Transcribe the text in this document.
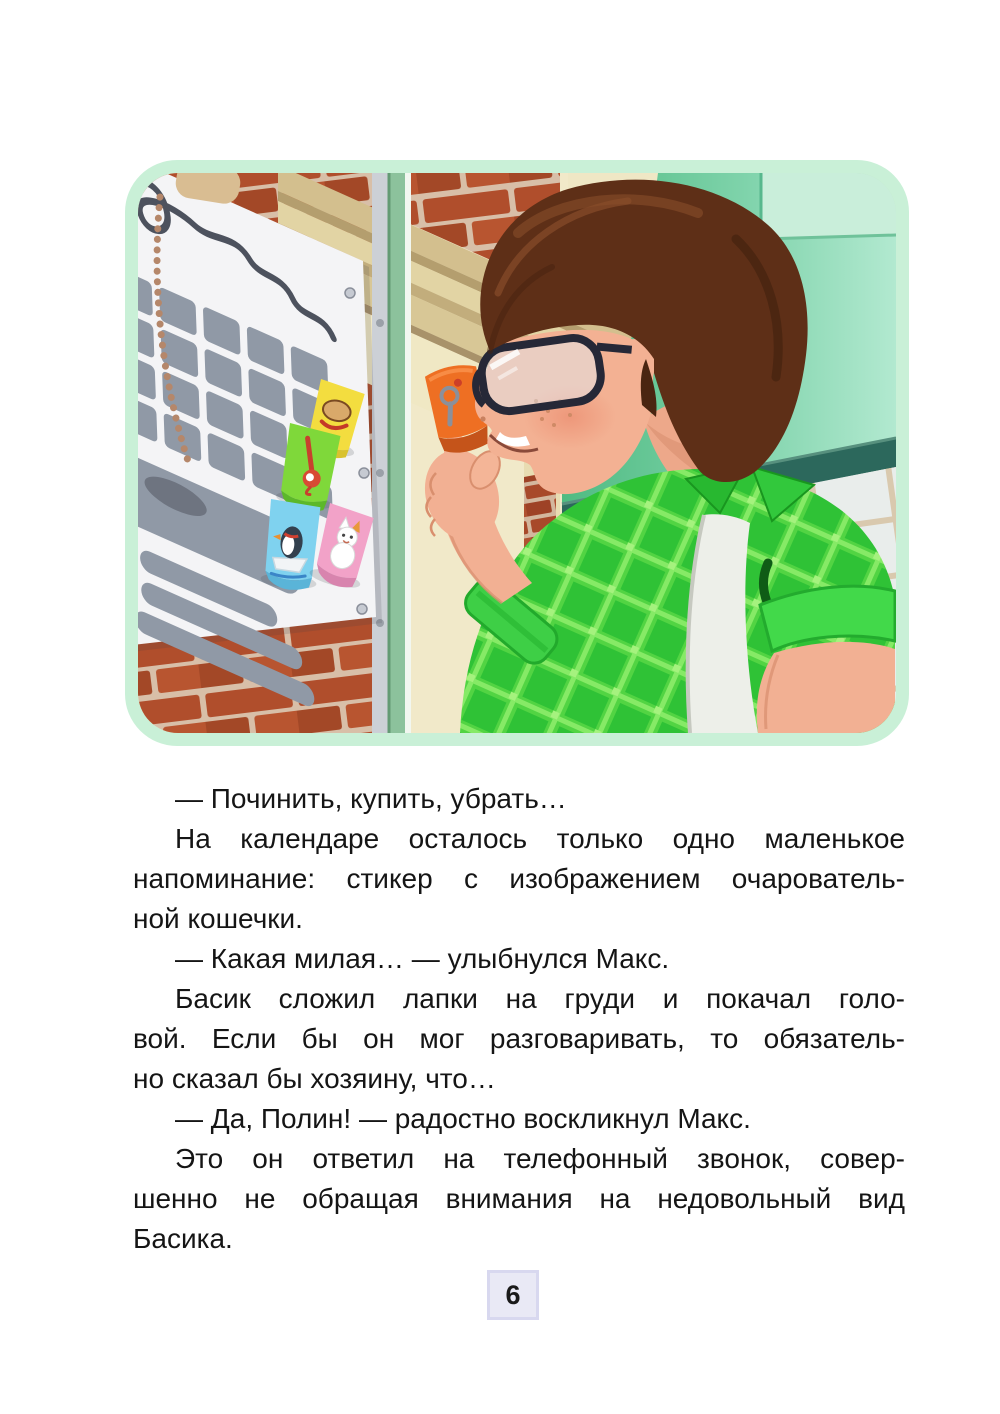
— Починить, купить, убрать…

На календаре осталось только одно маленькое
напоминание: стикер с изображением очарователь-
ной кошечки.

— Какая милая… — улыбнулся Макс.

Басик сложил лапки на груди и покачал голо-
вой. Если бы он мог разговаривать, то обязатель-
но сказал бы хозяину, что…

— Да, Полин! — радостно воскликнул Макс.

Это он ответил на телефонный звонок, совер-
шенно не обращая внимания на недовольный вид
Басика.

6
